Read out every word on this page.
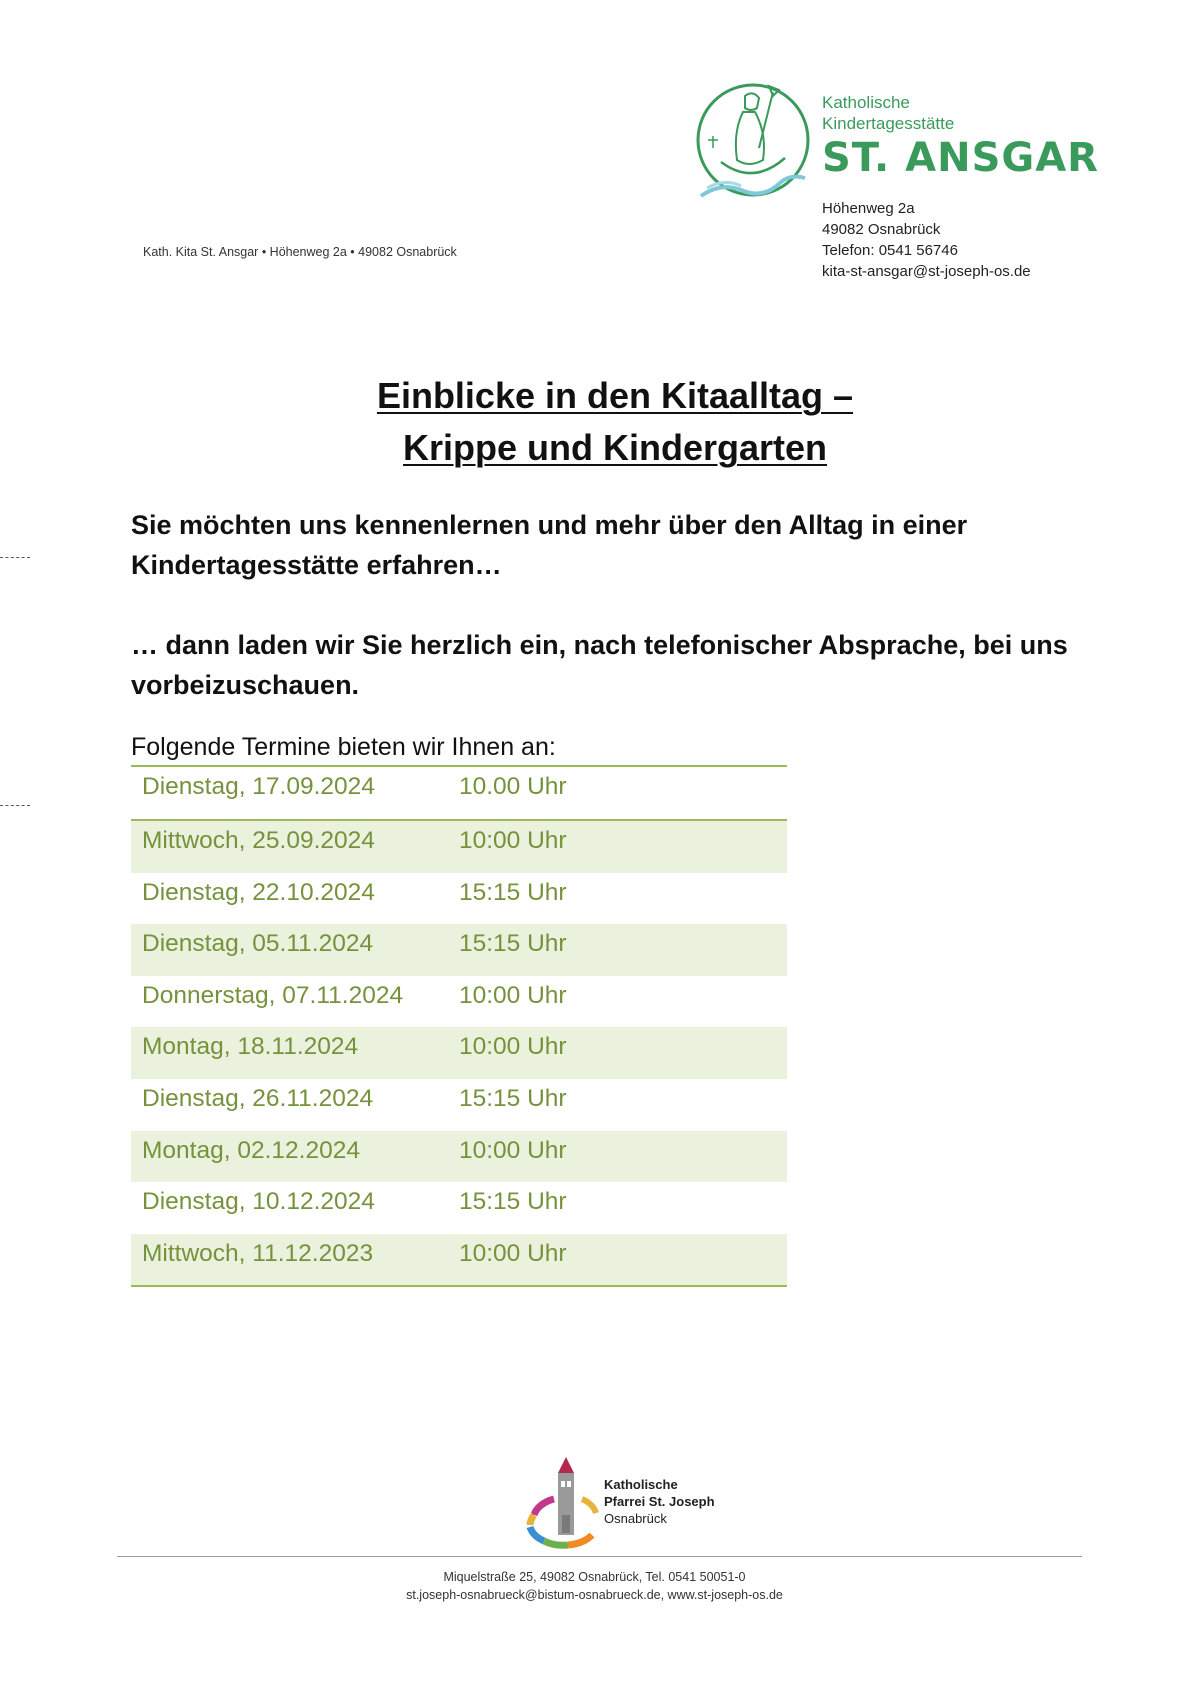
Katholische
Kindertagesstätte
ST. ANSGAR
Höhenweg 2a
49082 Osnabrück
Telefon: 0541 56746
kita-st-ansgar@st-joseph-os.de
Kath. Kita St. Ansgar • Höhenweg 2a • 49082 Osnabrück
Einblicke in den Kitaalltag –
Krippe und Kindergarten

Sie möchten uns kennenlernen und mehr über den Alltag in einer Kindertagesstätte erfahren…

… dann laden wir Sie herzlich ein, nach telefonischer Absprache, bei uns vorbeizuschauen.

Folgende Termine bieten wir Ihnen an:
Dienstag, 17.09.2024	10.00 Uhr
Mittwoch, 25.09.2024	10:00 Uhr
Dienstag, 22.10.2024	15:15 Uhr
Dienstag, 05.11.2024	15:15 Uhr
Donnerstag, 07.11.2024	10:00 Uhr
Montag, 18.11.2024	10:00 Uhr
Dienstag, 26.11.2024	15:15 Uhr
Montag, 02.12.2024	10:00 Uhr
Dienstag, 10.12.2024	15:15 Uhr
Mittwoch, 11.12.2023	10:00 Uhr
Katholische
Pfarrei St. Joseph
Osnabrück
Miquelstraße 25, 49082 Osnabrück, Tel. 0541 50051-0
st.joseph-osnabrueck@bistum-osnabrueck.de, www.st-joseph-os.de
